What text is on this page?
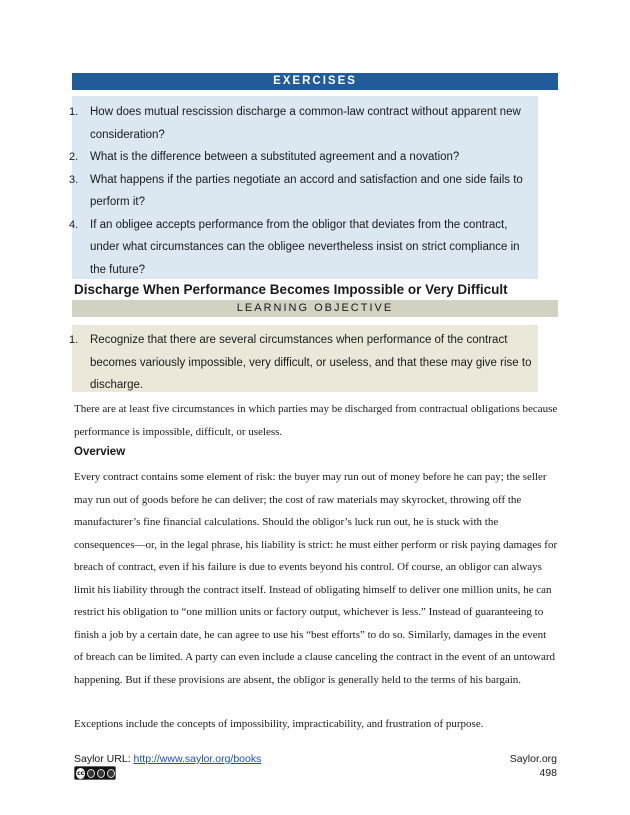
EXERCISES
1. How does mutual rescission discharge a common-law contract without apparent new consideration?
2. What is the difference between a substituted agreement and a novation?
3. What happens if the parties negotiate an accord and satisfaction and one side fails to perform it?
4. If an obligee accepts performance from the obligor that deviates from the contract, under what circumstances can the obligee nevertheless insist on strict compliance in the future?
Discharge When Performance Becomes Impossible or Very Difficult
LEARNING OBJECTIVE
1. Recognize that there are several circumstances when performance of the contract becomes variously impossible, very difficult, or useless, and that these may give rise to discharge.

There are at least five circumstances in which parties may be discharged from contractual obligations because performance is impossible, difficult, or useless.

Overview

Every contract contains some element of risk: the buyer may run out of money before he can pay; the seller may run out of goods before he can deliver; the cost of raw materials may skyrocket, throwing off the manufacturer’s fine financial calculations. Should the obligor’s luck run out, he is stuck with the consequences—or, in the legal phrase, his liability is strict: he must either perform or risk paying damages for breach of contract, even if his failure is due to events beyond his control. Of course, an obligor can always limit his liability through the contract itself. Instead of obligating himself to deliver one million units, he can restrict his obligation to “one million units or factory output, whichever is less.” Instead of guaranteeing to finish a job by a certain date, he can agree to use his “best efforts” to do so. Similarly, damages in the event of breach can be limited. A party can even include a clause canceling the contract in the event of an untoward happening. But if these provisions are absent, the obligor is generally held to the terms of his bargain.

Exceptions include the concepts of impossibility, impracticability, and frustration of purpose.

Saylor URL: http://www.saylor.org/books
cc
Saylor.org
498
